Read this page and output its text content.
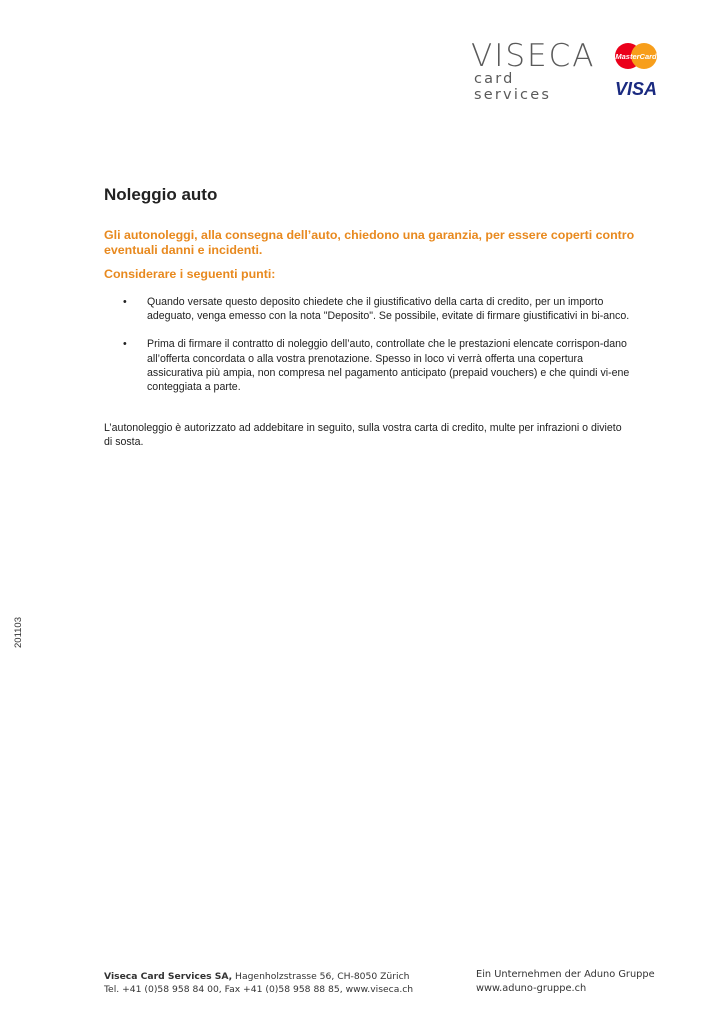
VISECA
card services
MasterCard
VISA
Noleggio auto

Gli autonoleggi, alla consegna dell’auto, chiedono una garanzia, per essere coperti contro eventuali danni e incidenti.

Considerare i seguenti punti:

• Quando versate questo deposito chiedete che il giustificativo della carta di credito, per un importo adeguato, venga emesso con la nota "Deposito". Se possibile, evitate di firmare giustificativi in bi-anco.
• Prima di firmare il contratto di noleggio dell’auto, controllate che le prestazioni elencate corrispon-dano all’offerta concordata o alla vostra prenotazione. Spesso in loco vi verrà offerta una copertura assicurativa più ampia, non compresa nel pagamento anticipato (prepaid vouchers) e che quindi vi-ene conteggiata a parte.

L’autonoleggio è autorizzato ad addebitare in seguito, sulla vostra carta di credito, multe per infrazioni o divieto di sosta.

201103
Viseca Card Services SA, Hagenholzstrasse 56, CH-8050 Zürich
Tel. +41 (0)58 958 84 00, Fax +41 (0)58 958 88 85, www.viseca.ch
Ein Unternehmen der Aduno Gruppe
www.aduno-gruppe.ch
